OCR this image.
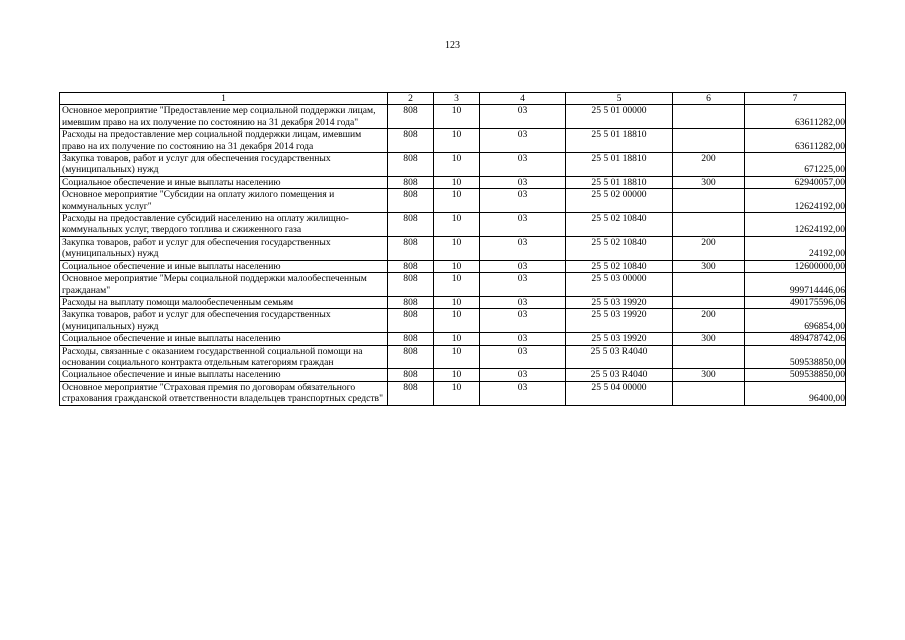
123
1	2	3	4	5	6	7
Основное мероприятие "Предоставление мер социальной поддержки лицам, имевшим право на их получение по состоянию на 31 декабря 2014 года"	808	10	03	25 5 01 00000		63611282,00
Расходы на предоставление мер социальной поддержки лицам, имевшим право на их получение по состоянию на 31 декабря 2014 года	808	10	03	25 5 01 18810		63611282,00
Закупка товаров, работ и услуг для обеспечения государственных (муниципальных) нужд	808	10	03	25 5 01 18810	200	671225,00
Социальное обеспечение и иные выплаты населению	808	10	03	25 5 01 18810	300	62940057,00
Основное мероприятие "Субсидии на оплату жилого помещения и коммунальных услуг"	808	10	03	25 5 02 00000		12624192,00
Расходы на предоставление субсидий населению на оплату жилищно-коммунальных услуг, твердого топлива и сжиженного газа	808	10	03	25 5 02 10840		12624192,00
Закупка товаров, работ и услуг для обеспечения государственных (муниципальных) нужд	808	10	03	25 5 02 10840	200	24192,00
Социальное обеспечение и иные выплаты населению	808	10	03	25 5 02 10840	300	12600000,00
Основное мероприятие "Меры социальной поддержки малообеспеченным гражданам"	808	10	03	25 5 03 00000		999714446,06
Расходы на выплату помощи малообеспеченным семьям	808	10	03	25 5 03 19920		490175596,06
Закупка товаров, работ и услуг для обеспечения государственных (муниципальных) нужд	808	10	03	25 5 03 19920	200	696854,00
Социальное обеспечение и иные выплаты населению	808	10	03	25 5 03 19920	300	489478742,06
Расходы, связанные с оказанием государственной социальной помощи на основании социального контракта отдельным категориям граждан	808	10	03	25 5 03 R4040		509538850,00
Социальное обеспечение и иные выплаты населению	808	10	03	25 5 03 R4040	300	509538850,00
Основное мероприятие "Страховая премия по договорам обязательного страхования гражданской ответственности владельцев транспортных средств"	808	10	03	25 5 04 00000		96400,00
